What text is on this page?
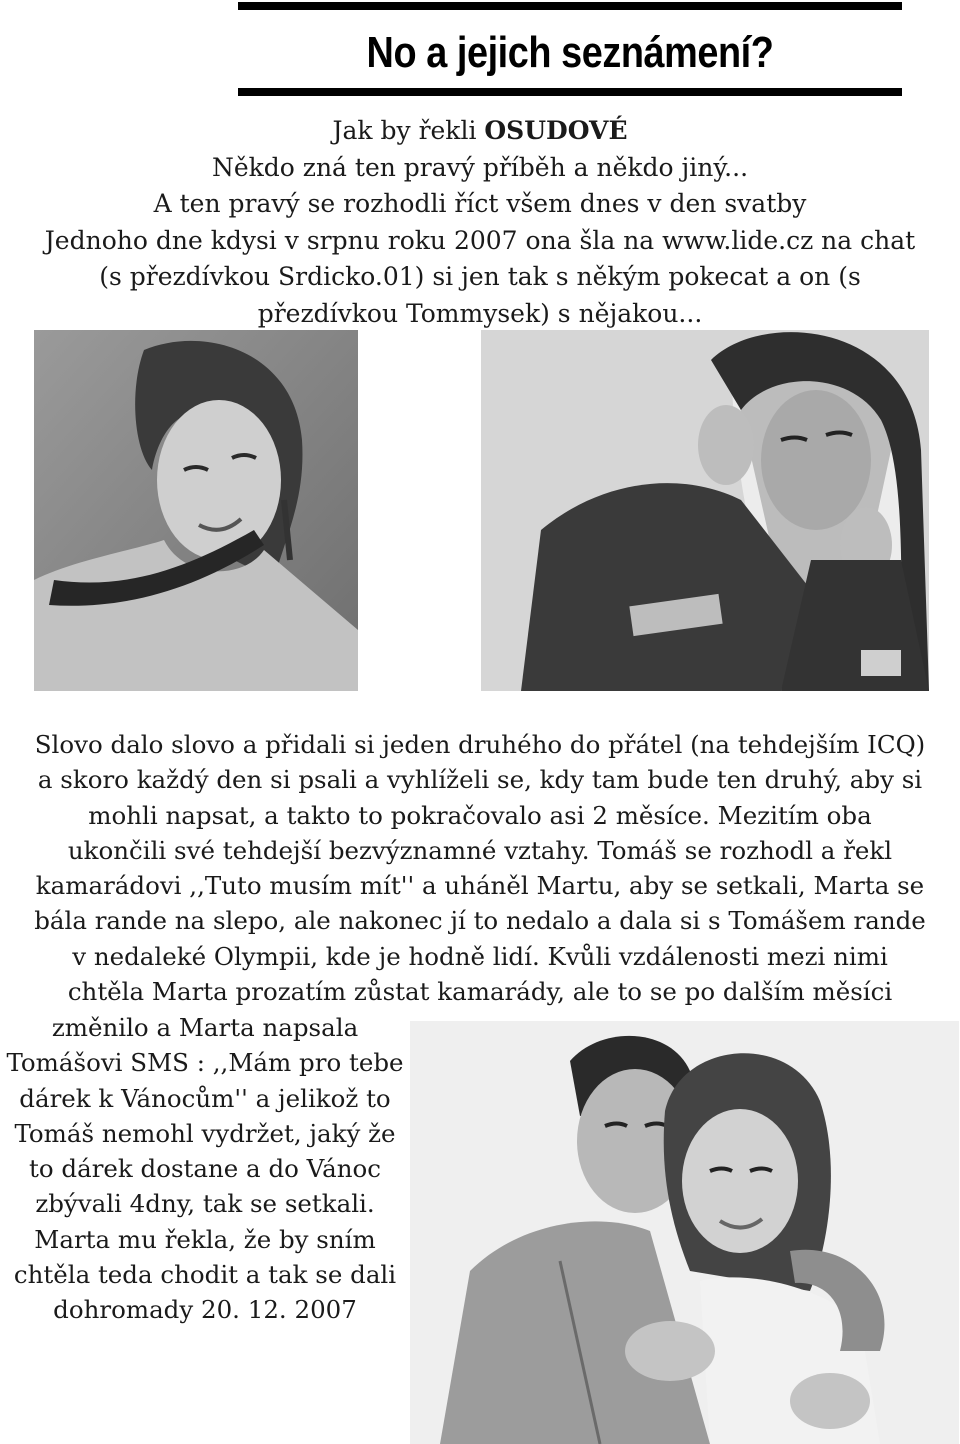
No a jejich seznámení?
Jak by řekli OSUDOVÉ
Někdo zná ten pravý příběh a někdo jiný...
A ten pravý se rozhodli říct všem dnes v den svatby
Jednoho dne kdysi v srpnu roku 2007 ona šla na www.lide.cz na chat
(s přezdívkou Srdicko.01) si jen tak s někým pokecat a on (s
přezdívkou Tommysek) s nějakou...

Slovo dalo slovo a přidali si jeden druhého do přátel (na tehdejším ICQ)

a skoro každý den si psali a vyhlíželi se, kdy tam bude ten druhý, aby si

mohli napsat, a takto to pokračovalo asi 2 měsíce. Mezitím oba

ukončili své tehdejší bezvýznamné vztahy. Tomáš se rozhodl a řekl

kamarádovi ,,Tuto musím mít'' a uháněl Martu, aby se setkali, Marta se

bála rande na slepo, ale nakonec jí to nedalo a dala si s Tomášem rande

v nedaleké Olympii, kde je hodně lidí. Kvůli vzdálenosti mezi nimi

chtěla Marta prozatím zůstat kamarády, ale to se po dalším měsíci

změnilo a Marta napsala

Tomášovi SMS : ,,Mám pro tebe

dárek k Vánocům'' a jelikož to

Tomáš nemohl vydržet, jaký že

to dárek dostane a do Vánoc

zbývali 4dny, tak se setkali.

Marta mu řekla, že by sním

chtěla teda chodit a tak se dali

dohromady 20. 12. 2007
